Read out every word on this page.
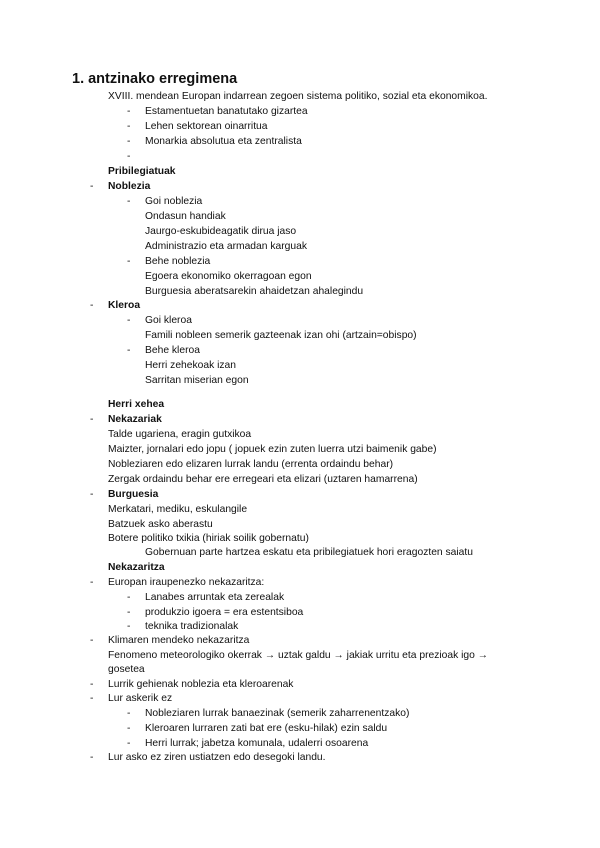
1. antzinako erregimena
XVIII. mendean Europan indarrean zegoen sistema politiko, sozial eta ekonomikoa.
- Estamentuetan banatutako gizartea
- Lehen sektorean oinarritua
- Monarkia absolutua eta zentralista
-
Pribilegiatuak
- Noblezia
- Goi noblezia
Ondasun handiak
Jaurgo-eskubideagatik dirua jaso
Administrazio eta armadan karguak
- Behe noblezia
Egoera ekonomiko okerragoan egon
Burguesia aberatsarekin ahaidetzan ahalegindu
- Kleroa
- Goi kleroa
Famili nobleen semerik gazteenak izan ohi (artzain=obispo)
- Behe kleroa
Herri zehekoak izan
Sarritan miserian egon
Herri xehea
- Nekazariak
Talde ugariena, eragin gutxikoa
Maizter, jornalari edo jopu ( jopuek ezin zuten luerra utzi baimenik gabe)
Nobleziaren edo elizaren lurrak landu (errenta ordaindu behar)
Zergak ordaindu behar ere erregeari eta elizari (uztaren hamarrena)
- Burguesia
Merkatari, mediku, eskulangile
Batzuek asko aberastu
Botere politiko txikia (hiriak soilik gobernatu)
Gobernuan parte hartzea eskatu eta pribilegiatuek hori eragozten saiatu
Nekazaritza
- Europan iraupenezko nekazaritza:
- Lanabes arruntak eta zerealak
- produkzio igoera = era estentsiboa
- teknika tradizionalak
- Klimaren mendeko nekazaritza
Fenomeno meteorologiko okerrak → uztak galdu → jakiak urritu eta prezioak igo →
gosetea
- Lurrik gehienak noblezia eta kleroarenak
- Lur askerik ez
- Nobleziaren lurrak banaezinak (semerik zaharrenentzako)
- Kleroaren lurraren zati bat ere (esku-hilak) ezin saldu
- Herri lurrak; jabetza komunala, udalerri osoarena
- Lur asko ez ziren ustiatzen edo desegoki landu.
